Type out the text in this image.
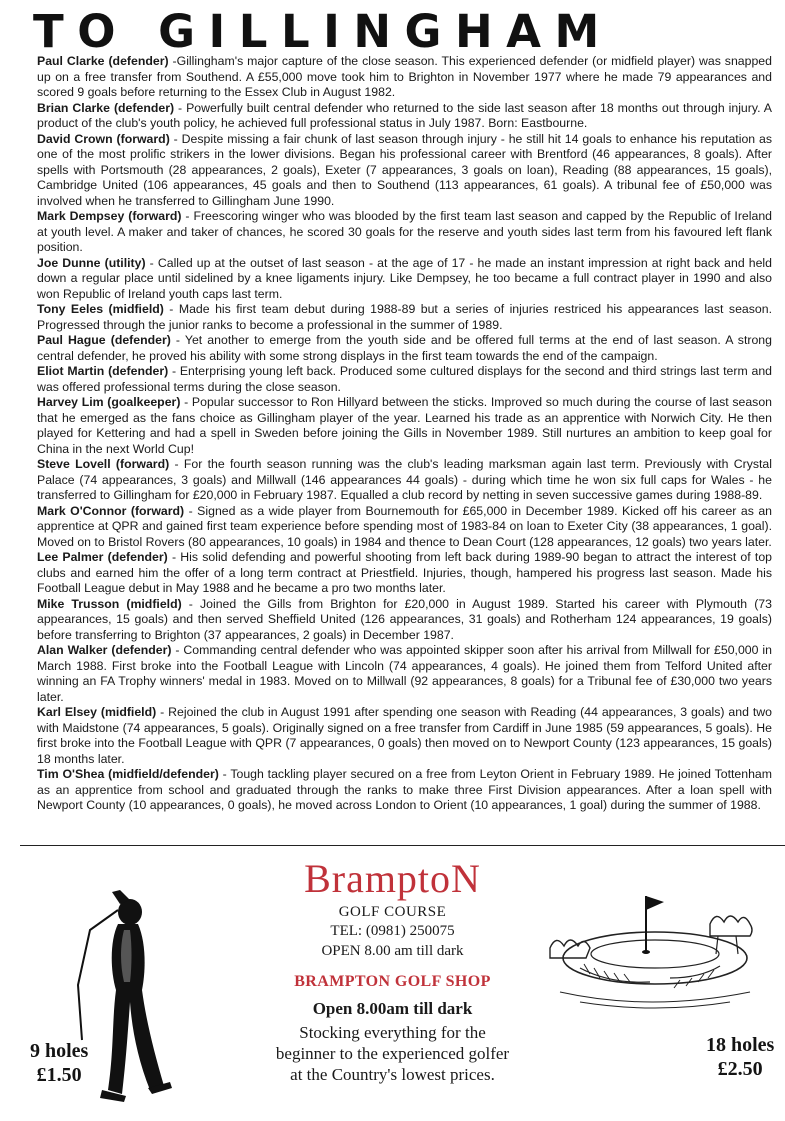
TO GILLINGHAM

Paul Clarke (defender) -Gillingham's major capture of the close season. This experienced defender (or midfield player) was snapped up on a free transfer from Southend. A £55,000 move took him to Brighton in November 1977 where he made 79 appearances and scored 9 goals before returning to the Essex Club in August 1982.

Brian Clarke (defender) - Powerfully built central defender who returned to the side last season after 18 months out through injury. A product of the club's youth policy, he achieved full professional status in July 1987. Born: Eastbourne.

David Crown (forward) - Despite missing a fair chunk of last season through injury - he still hit 14 goals to enhance his reputation as one of the most prolific strikers in the lower divisions. Began his professional career with Brentford (46 appearances, 8 goals). After spells with Portsmouth (28 appearances, 2 goals), Exeter (7 appearances, 3 goals on loan), Reading (88 appearances, 15 goals), Cambridge United (106 appearances, 45 goals and then to Southend (113 appearances, 61 goals). A tribunal fee of £50,000 was involved when he transferred to Gillingham June 1990.

Mark Dempsey (forward) - Freescoring winger who was blooded by the first team last season and capped by the Republic of Ireland at youth level. A maker and taker of chances, he scored 30 goals for the reserve and youth sides last term from his favoured left flank position.

Joe Dunne (utility) - Called up at the outset of last season - at the age of 17 - he made an instant impression at right back and held down a regular place until sidelined by a knee ligaments injury. Like Dempsey, he too became a full contract player in 1990 and also won Republic of Ireland youth caps last term.

Tony Eeles (midfield) - Made his first team debut during 1988-89 but a series of injuries restriced his appearances last season. Progressed through the junior ranks to become a professional in the summer of 1989.

Paul Hague (defender) - Yet another to emerge from the youth side and be offered full terms at the end of last season. A strong central defender, he proved his ability with some strong displays in the first team towards the end of the campaign.

Eliot Martin (defender) - Enterprising young left back. Produced some cultured displays for the second and third strings last term and was offered professional terms during the close season.

Harvey Lim (goalkeeper) - Popular successor to Ron Hillyard between the sticks. Improved so much during the course of last season that he emerged as the fans choice as Gillingham player of the year. Learned his trade as an apprentice with Norwich City. He then played for Kettering and had a spell in Sweden before joining the Gills in November 1989. Still nurtures an ambition to keep goal for China in the next World Cup!

Steve Lovell (forward) - For the fourth season running was the club's leading marksman again last term. Previously with Crystal Palace (74 appearances, 3 goals) and Millwall (146 appearances 44 goals) - during which time he won six full caps for Wales - he transferred to Gillingham for £20,000 in February 1987. Equalled a club record by netting in seven successive games during 1988-89.

Mark O'Connor (forward) - Signed as a wide player from Bournemouth for £65,000 in December 1989. Kicked off his career as an apprentice at QPR and gained first team experience before spending most of 1983-84 on loan to Exeter City (38 appearances, 1 goal). Moved on to Bristol Rovers (80 appearances, 10 goals) in 1984 and thence to Dean Court (128 appearances, 12 goals) two years later.

Lee Palmer (defender) - His solid defending and powerful shooting from left back during 1989-90 began to attract the interest of top clubs and earned him the offer of a long term contract at Priestfield. Injuries, though, hampered his progress last season. Made his Football League debut in May 1988 and he became a pro two months later.

Mike Trusson (midfield) - Joined the Gills from Brighton for £20,000 in August 1989. Started his career with Plymouth (73 appearances, 15 goals) and then served Sheffield United (126 appearances, 31 goals) and Rotherham 124 appearances, 19 goals) before transferring to Brighton (37 appearances, 2 goals) in December 1987.

Alan Walker (defender) - Commanding central defender who was appointed skipper soon after his arrival from Millwall for £50,000 in March 1988. First broke into the Football League with Lincoln (74 appearances, 4 goals). He joined them from Telford United after winning an FA Trophy winners' medal in 1983. Moved on to Millwall (92 appearances, 8 goals) for a Tribunal fee of £30,000 two years later.

Karl Elsey (midfield) - Rejoined the club in August 1991 after spending one season with Reading (44 appearances, 3 goals) and two with Maidstone (74 appearances, 5 goals). Originally signed on a free transfer from Cardiff in June 1985 (59 appearances, 5 goals). He first broke into the Football League with QPR (7 appearances, 0 goals) then moved on to Newport County (123 appearances, 15 goals) 18 months later.

Tim O'Shea (midfield/defender) - Tough tackling player secured on a free from Leyton Orient in February 1989. He joined Tottenham as an apprentice from school and graduated through the ranks to make three First Division appearances. After a loan spell with Newport County (10 appearances, 0 goals), he moved across London to Orient (10 appearances, 1 goal) during the summer of 1988.

BramptoN
GOLF COURSE
TEL: (0981) 250075
OPEN 8.00 am till dark
BRAMPTON GOLF SHOP
Open 8.00am till dark
Stocking everything for the
beginner to the experienced golfer
at the Country's lowest prices.
9 holes
£1.50
18 holes
£2.50
